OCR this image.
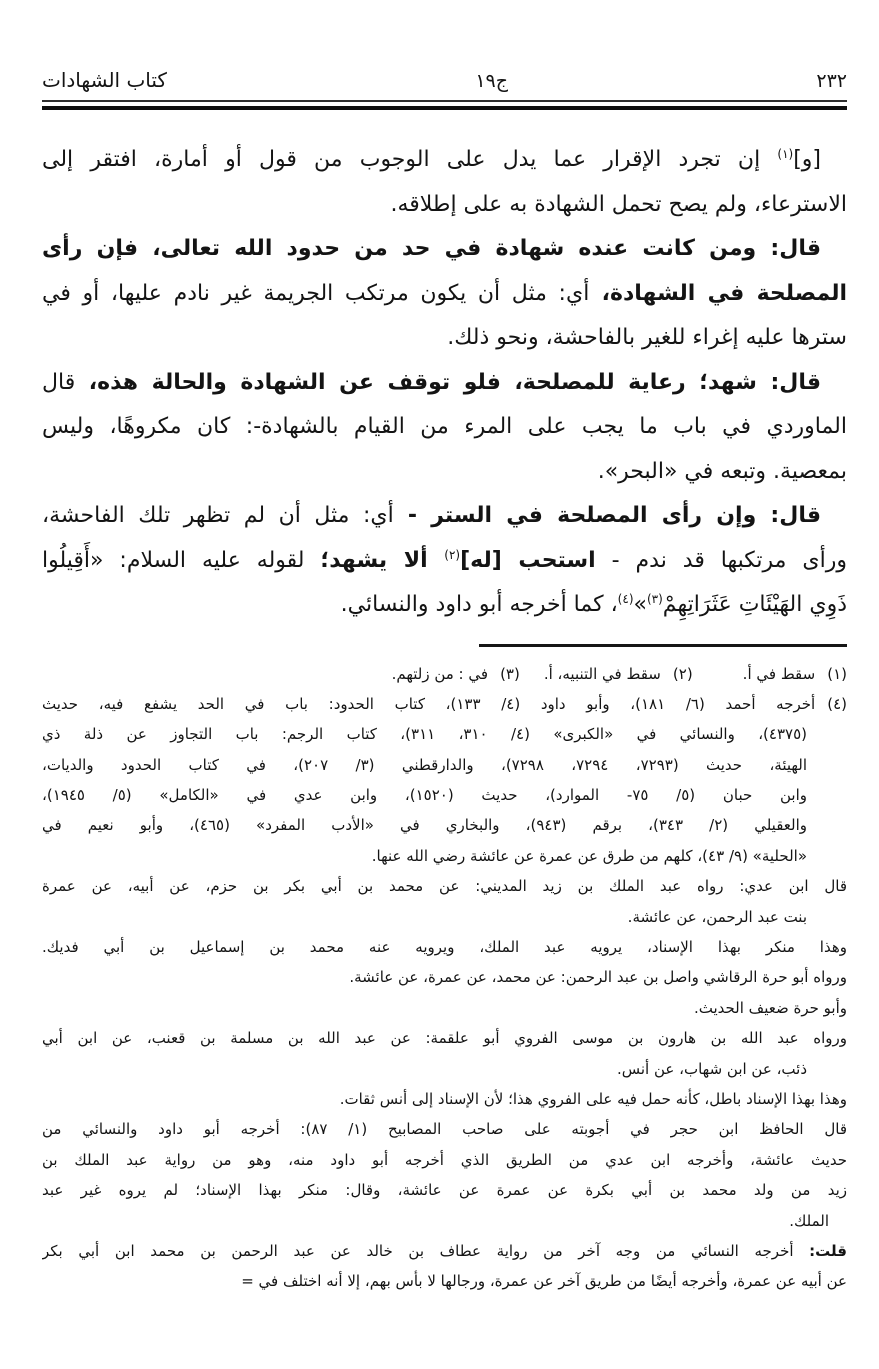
٢٣٢
ج١٩
كتاب الشهادات
[و]$^{(١)}$ إن تجرد الإقرار عما يدل على الوجوب من قول أو أمارة، افتقر إلى
الاسترعاء، ولم يصح تحمل الشهادة به على إطلاقه.
قال: ومن كانت عنده شهادة في حد من حدود الله تعالى، فإن رأى
المصلحة في الشهادة، أي: مثل أن يكون مرتكب الجريمة غير نادم عليها، أو في
سترها عليه إغراء للغير بالفاحشة، ونحو ذلك.
قال: شهد؛ رعاية للمصلحة، فلو توقف عن الشهادة والحالة هذه، قال
الماوردي في باب ما يجب على المرء من القيام بالشهادة-: كان مكروهًا، وليس
بمعصية. وتبعه في «البحر».
قال: وإن رأى المصلحة في الستر - أي: مثل أن لم تظهر تلك الفاحشة،
ورأى مرتكبها قد ندم - استحب [له]$^{(٢)}$ ألا يشهد؛ لقوله عليه السلام: «أَقِيلُوا
ذَوِي الهَيْئَاتِ عَثَرَاتِهِمْ$^{(٣)}$»$^{(٤)}$، كما أخرجه أبو داود والنسائي.
(١)سقط في أ.(٢)سقط في التنبيه، أ.(٣)في : من زلتهم.
(٤)أخرجه أحمد (٦/ ١٨١)، وأبو داود (٤/ ١٣٣)، كتاب الحدود: باب في الحد يشفع فيه، حديث
(٤٣٧٥)، والنسائي في «الكبرى» (٤/ ٣١٠، ٣١١)، كتاب الرجم: باب التجاوز عن ذلة ذي
الهيئة، حديث (٧٢٩٣، ٧٢٩٤، ٧٢٩٨)، والدارقطني (٣/ ٢٠٧)، في كتاب الحدود والديات،
وابن حبان (٥/ ٧٥- الموارد)، حديث (١٥٢٠)، وابن عدي في «الكامل» (٥/ ١٩٤٥)،
والعقيلي (٢/ ٣٤٣)، برقم (٩٤٣)، والبخاري في «الأدب المفرد» (٤٦٥)، وأبو نعيم في
«الحلية» (٩/ ٤٣)، كلهم من طرق عن عمرة عن عائشة رضي الله عنها.
قال ابن عدي: رواه عبد الملك بن زيد المديني: عن محمد بن أبي بكر بن حزم، عن أبيه، عن عمرة
بنت عبد الرحمن، عن عائشة.
وهذا منكر بهذا الإسناد، يرويه عبد الملك، ويرويه عنه محمد بن إسماعيل بن أبي فديك.
ورواه أبو حرة الرقاشي واصل بن عبد الرحمن: عن محمد، عن عمرة، عن عائشة.
وأبو حرة ضعيف الحديث.
ورواه عبد الله بن هارون بن موسى الفروي أبو علقمة: عن عبد الله بن مسلمة بن قعنب، عن ابن أبي
ذئب، عن ابن شهاب، عن أنس.
وهذا بهذا الإسناد باطل، كأنه حمل فيه على الفروي هذا؛ لأن الإسناد إلى أنس ثقات.
قال الحافظ ابن حجر في أجوبته على صاحب المصابيح (١/ ٨٧): أخرجه أبو داود والنسائي من
حديث عائشة، وأخرجه ابن عدي من الطريق الذي أخرجه أبو داود منه، وهو من رواية عبد الملك بن
زيد من ولد محمد بن أبي بكرة عن عمرة عن عائشة، وقال: منكر بهذا الإسناد؛ لم يروه غير عبد
الملك.
قلت: أخرجه النسائي من وجه آخر من رواية عطاف بن خالد عن عبد الرحمن بن محمد ابن أبي بكر
عن أبيه عن عمرة، وأخرجه أيضًا من طريق آخر عن عمرة، ورجالها لا بأس بهم، إلا أنه اختلف في =
